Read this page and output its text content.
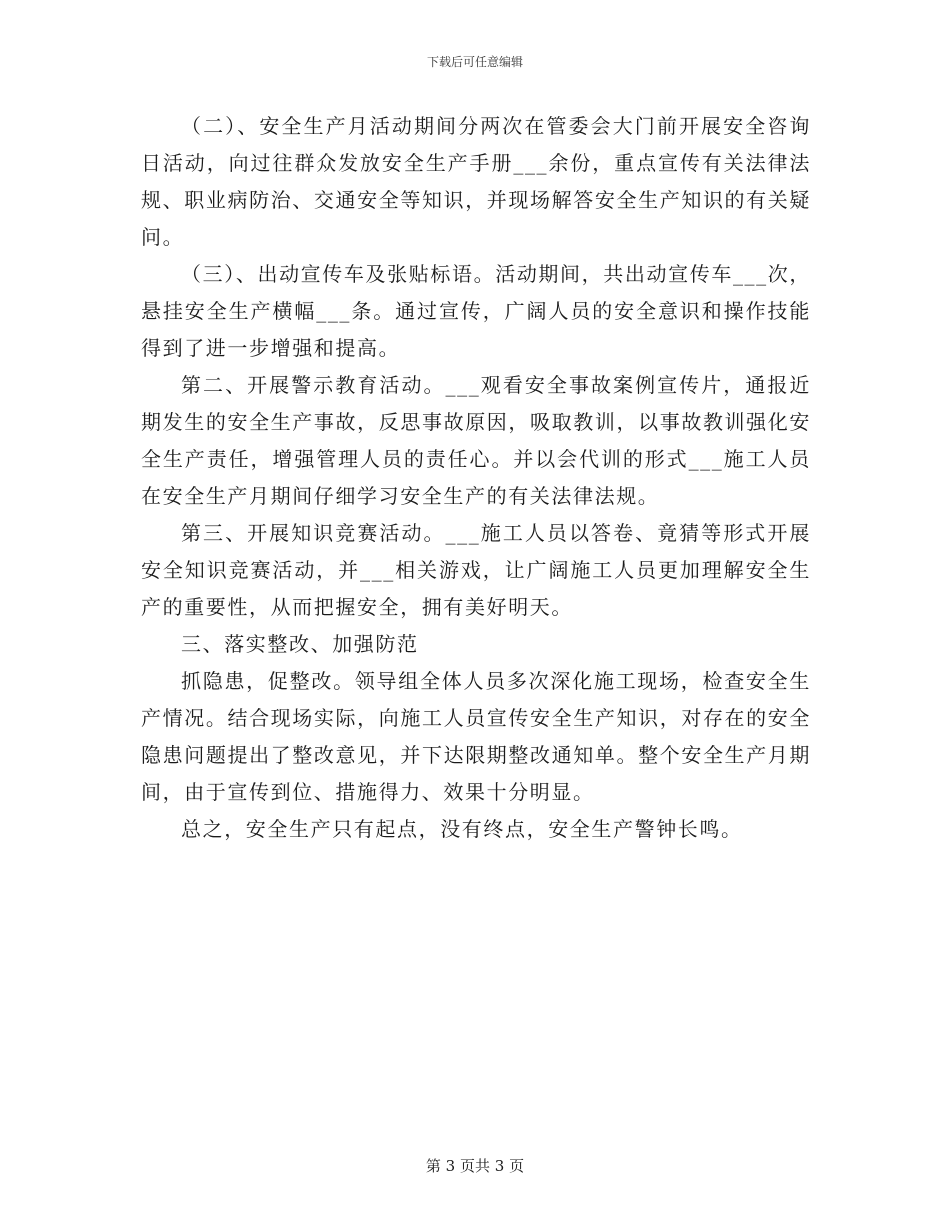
下载后可任意编辑

（二）、安全生产月活动期间分两次在管委会大门前开展安全咨询日活动，向过往群众发放安全生产手册___余份，重点宣传有关法律法规、职业病防治、交通安全等知识，并现场解答安全生产知识的有关疑问。

（三）、出动宣传车及张贴标语。活动期间，共出动宣传车___次，悬挂安全生产横幅___条。通过宣传，广阔人员的安全意识和操作技能得到了进一步增强和提高。

第二、开展警示教育活动。___观看安全事故案例宣传片，通报近期发生的安全生产事故，反思事故原因，吸取教训，以事故教训强化安全生产责任，增强管理人员的责任心。并以会代训的形式___施工人员在安全生产月期间仔细学习安全生产的有关法律法规。

第三、开展知识竞赛活动。___施工人员以答卷、竟猜等形式开展安全知识竞赛活动，并___相关游戏，让广阔施工人员更加理解安全生产的重要性，从而把握安全，拥有美好明天。

三、落实整改、加强防范

抓隐患，促整改。领导组全体人员多次深化施工现场，检查安全生产情况。结合现场实际，向施工人员宣传安全生产知识，对存在的安全隐患问题提出了整改意见，并下达限期整改通知单。整个安全生产月期间，由于宣传到位、措施得力、效果十分明显。

总之，安全生产只有起点，没有终点，安全生产警钟长鸣。

第 3 页共 3 页
